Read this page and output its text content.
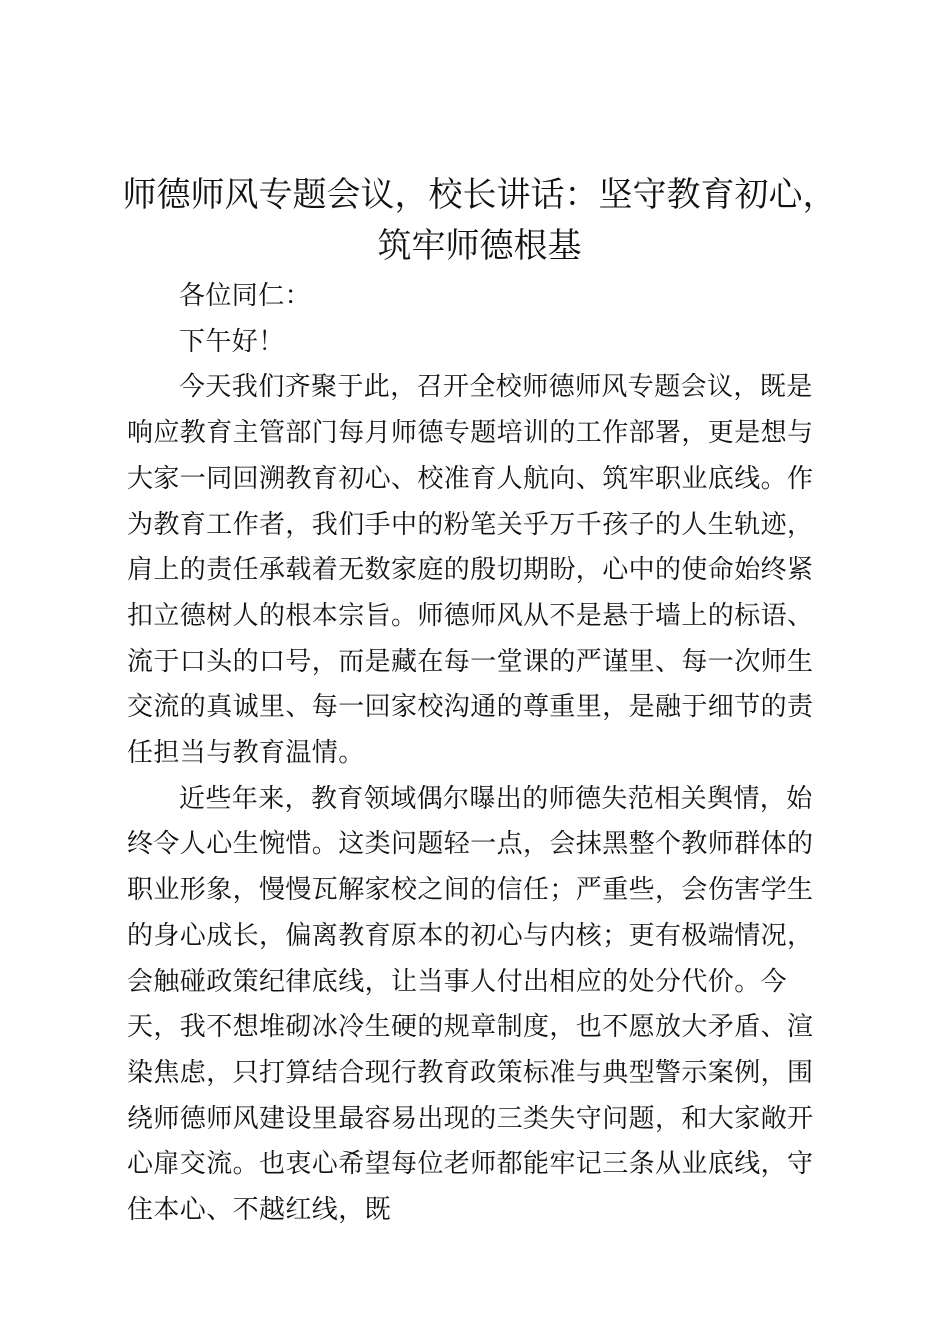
师德师风专题会议，校长讲话：坚守教育初心，
筑牢师德根基

各位同仁：

下午好！

今天我们齐聚于此，召开全校师德师风专题会议，既是响应教育主管部门每月师德专题培训的工作部署，更是想与大家一同回溯教育初心、校准育人航向、筑牢职业底线。作为教育工作者，我们手中的粉笔关乎万千孩子的人生轨迹，肩上的责任承载着无数家庭的殷切期盼，心中的使命始终紧扣立德树人的根本宗旨。师德师风从不是悬于墙上的标语、流于口头的口号，而是藏在每一堂课的严谨里、每一次师生交流的真诚里、每一回家校沟通的尊重里，是融于细节的责任担当与教育温情。

近些年来，教育领域偶尔曝出的师德失范相关舆情，始终令人心生惋惜。这类问题轻一点，会抹黑整个教师群体的职业形象，慢慢瓦解家校之间的信任；严重些，会伤害学生的身心成长，偏离教育原本的初心与内核；更有极端情况，会触碰政策纪律底线，让当事人付出相应的处分代价。今天，我不想堆砌冰冷生硬的规章制度，也不愿放大矛盾、渲染焦虑，只打算结合现行教育政策标准与典型警示案例，围绕师德师风建设里最容易出现的三类失守问题，和大家敞开心扉交流。也衷心希望每位老师都能牢记三条从业底线，守住本心、不越红线，既
